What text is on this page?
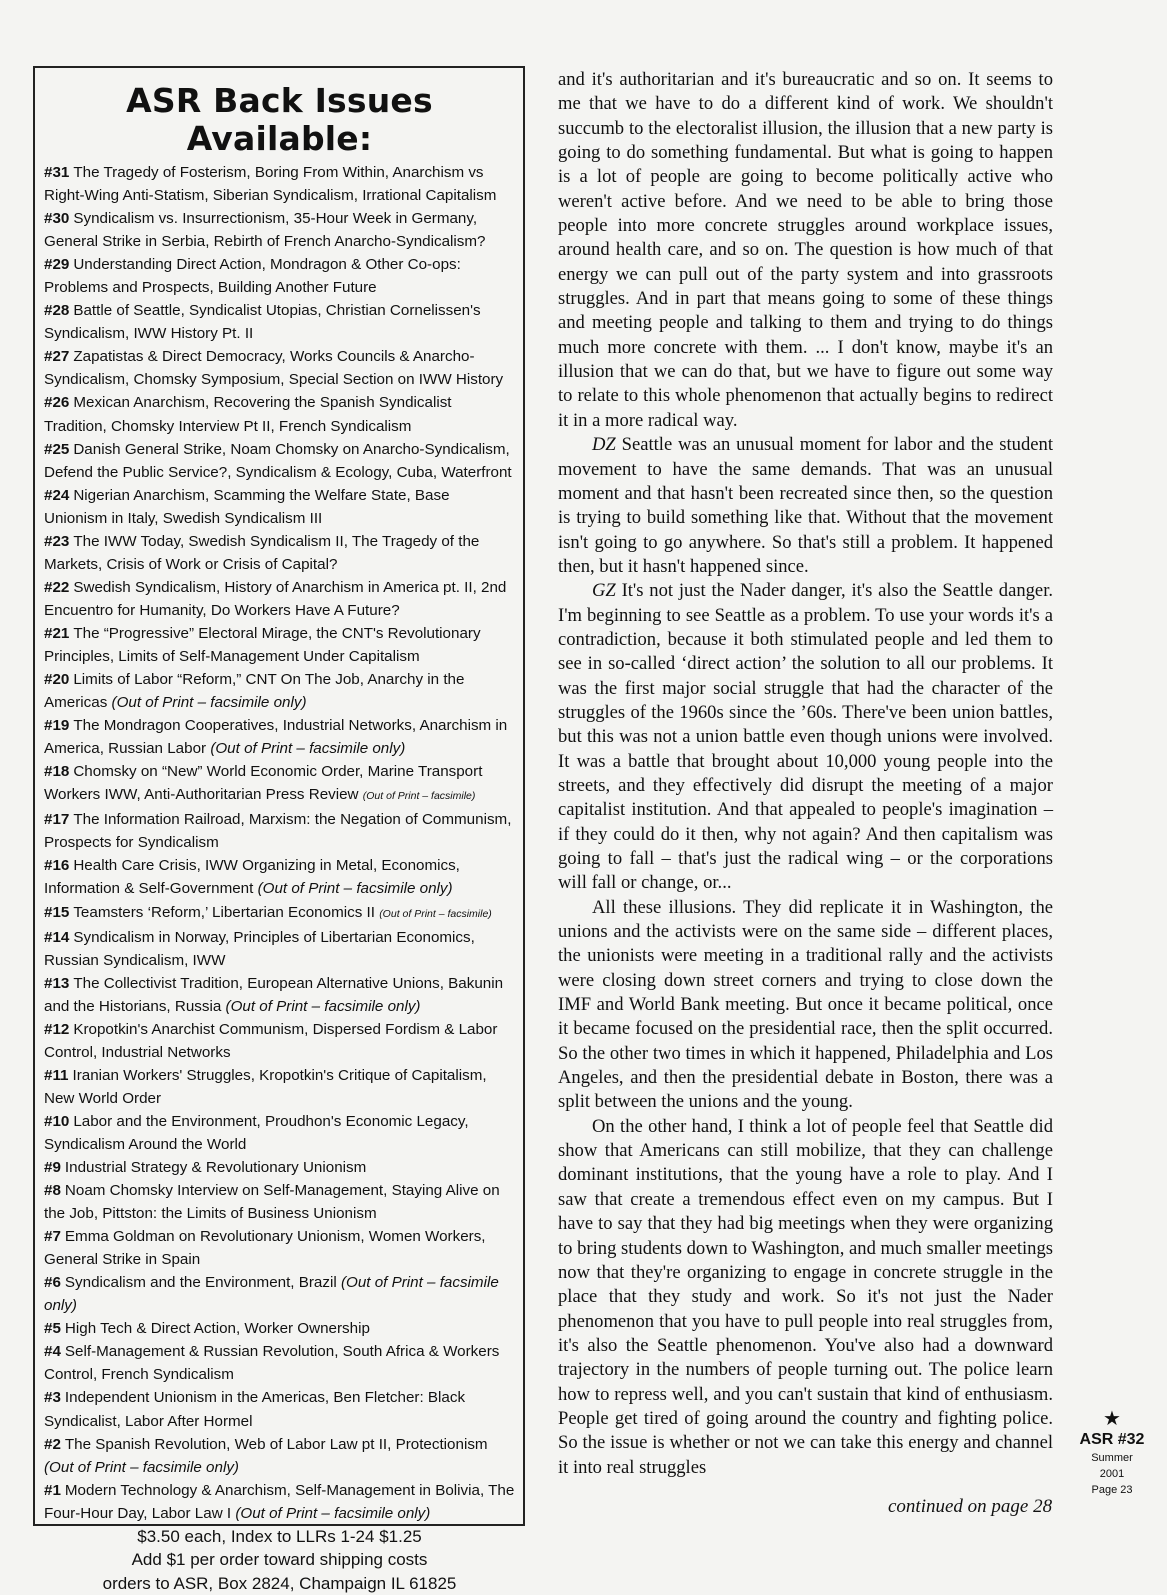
ASR Back Issues Available:
#31 The Tragedy of Fosterism, Boring From Within, Anarchism vs Right-Wing Anti-Statism, Siberian Syndicalism, Irrational Capitalism
#30 Syndicalism vs. Insurrectionism, 35-Hour Week in Germany, General Strike in Serbia, Rebirth of French Anarcho-Syndicalism?
#29 Understanding Direct Action, Mondragon & Other Co-ops: Problems and Prospects, Building Another Future
#28 Battle of Seattle, Syndicalist Utopias, Christian Cornelissen's Syndicalism, IWW History Pt. II
#27 Zapatistas & Direct Democracy, Works Councils & Anarcho-Syndicalism, Chomsky Symposium, Special Section on IWW History
#26 Mexican Anarchism, Recovering the Spanish Syndicalist Tradition, Chomsky Interview Pt II, French Syndicalism
#25 Danish General Strike, Noam Chomsky on Anarcho-Syndicalism, Defend the Public Service?, Syndicalism & Ecology, Cuba, Waterfront
#24 Nigerian Anarchism, Scamming the Welfare State, Base Unionism in Italy, Swedish Syndicalism III
#23 The IWW Today, Swedish Syndicalism II, The Tragedy of the Markets, Crisis of Work or Crisis of Capital?
#22 Swedish Syndicalism, History of Anarchism in America pt. II, 2nd Encuentro for Humanity, Do Workers Have A Future?
#21 The “Progressive” Electoral Mirage, the CNT's Revolutionary Principles, Limits of Self-Management Under Capitalism
#20 Limits of Labor “Reform,” CNT On The Job, Anarchy in the Americas (Out of Print – facsimile only)
#19 The Mondragon Cooperatives, Industrial Networks, Anarchism in America, Russian Labor (Out of Print – facsimile only)
#18 Chomsky on “New” World Economic Order, Marine Transport Workers IWW, Anti-Authoritarian Press Review (Out of Print – facsimile)
#17 The Information Railroad, Marxism: the Negation of Communism, Prospects for Syndicalism
#16 Health Care Crisis, IWW Organizing in Metal, Economics, Information & Self-Government (Out of Print – facsimile only)
#15 Teamsters ‘Reform,’ Libertarian Economics II (Out of Print – facsimile)
#14 Syndicalism in Norway, Principles of Libertarian Economics, Russian Syndicalism, IWW
#13 The Collectivist Tradition, European Alternative Unions, Bakunin and the Historians, Russia (Out of Print – facsimile only)
#12 Kropotkin's Anarchist Communism, Dispersed Fordism & Labor Control, Industrial Networks
#11 Iranian Workers' Struggles, Kropotkin's Critique of Capitalism, New World Order
#10 Labor and the Environment, Proudhon's Economic Legacy, Syndicalism Around the World
#9 Industrial Strategy & Revolutionary Unionism
#8 Noam Chomsky Interview on Self-Management, Staying Alive on the Job, Pittston: the Limits of Business Unionism
#7 Emma Goldman on Revolutionary Unionism, Women Workers, General Strike in Spain
#6 Syndicalism and the Environment, Brazil (Out of Print – facsimile only)
#5 High Tech & Direct Action, Worker Ownership
#4 Self-Management & Russian Revolution, South Africa & Workers Control, French Syndicalism
#3 Independent Unionism in the Americas, Ben Fletcher: Black Syndicalist, Labor After Hormel
#2 The Spanish Revolution, Web of Labor Law pt II, Protectionism (Out of Print – facsimile only)
#1 Modern Technology & Anarchism, Self-Management in Bolivia, The Four-Hour Day, Labor Law I (Out of Print – facsimile only)
$3.50 each, Index to LLRs 1-24 $1.25
Add $1 per order toward shipping costs
orders to ASR, Box 2824, Champaign IL 61825

and it's authoritarian and it's bureaucratic and so on. It seems to me that we have to do a different kind of work. We shouldn't succumb to the electoralist illusion, the illusion that a new party is going to do something fundamental. But what is going to happen is a lot of people are going to become politically active who weren't active before. And we need to be able to bring those people into more concrete struggles around workplace issues, around health care, and so on. The question is how much of that energy we can pull out of the party system and into grassroots struggles. And in part that means going to some of these things and meeting people and talking to them and trying to do things much more concrete with them. ... I don't know, maybe it's an illusion that we can do that, but we have to figure out some way to relate to this whole phenomenon that actually begins to redirect it in a more radical way.

DZ Seattle was an unusual moment for labor and the student movement to have the same demands. That was an unusual moment and that hasn't been recreated since then, so the question is trying to build something like that. Without that the movement isn't going to go anywhere. So that's still a problem. It happened then, but it hasn't happened since.

GZ It's not just the Nader danger, it's also the Seattle danger. I'm beginning to see Seattle as a problem. To use your words it's a contradiction, because it both stimulated people and led them to see in so-called ‘direct action’ the solution to all our problems. It was the first major social struggle that had the character of the struggles of the 1960s since the ’60s. There've been union battles, but this was not a union battle even though unions were involved. It was a battle that brought about 10,000 young people into the streets, and they effectively did disrupt the meeting of a major capitalist institution. And that appealed to people's imagination – if they could do it then, why not again? And then capitalism was going to fall – that's just the radical wing – or the corporations will fall or change, or...

All these illusions. They did replicate it in Washington, the unions and the activists were on the same side – different places, the unionists were meeting in a traditional rally and the activists were closing down street corners and trying to close down the IMF and World Bank meeting. But once it became political, once it became focused on the presidential race, then the split occurred. So the other two times in which it happened, Philadelphia and Los Angeles, and then the presidential debate in Boston, there was a split between the unions and the young.

On the other hand, I think a lot of people feel that Seattle did show that Americans can still mobilize, that they can challenge dominant institutions, that the young have a role to play. And I saw that create a tremendous effect even on my campus. But I have to say that they had big meetings when they were organizing to bring students down to Washington, and much smaller meetings now that they're organizing to engage in concrete struggle in the place that they study and work. So it's not just the Nader phenomenon that you have to pull people into real struggles from, it's also the Seattle phenomenon. You've also had a downward trajectory in the numbers of people turning out. The police learn how to repress well, and you can't sustain that kind of enthusiasm. People get tired of going around the country and fighting police. So the issue is whether or not we can take this energy and channel it into real struggles

continued on page 28
★
ASR #32
Summer
2001
Page 23
